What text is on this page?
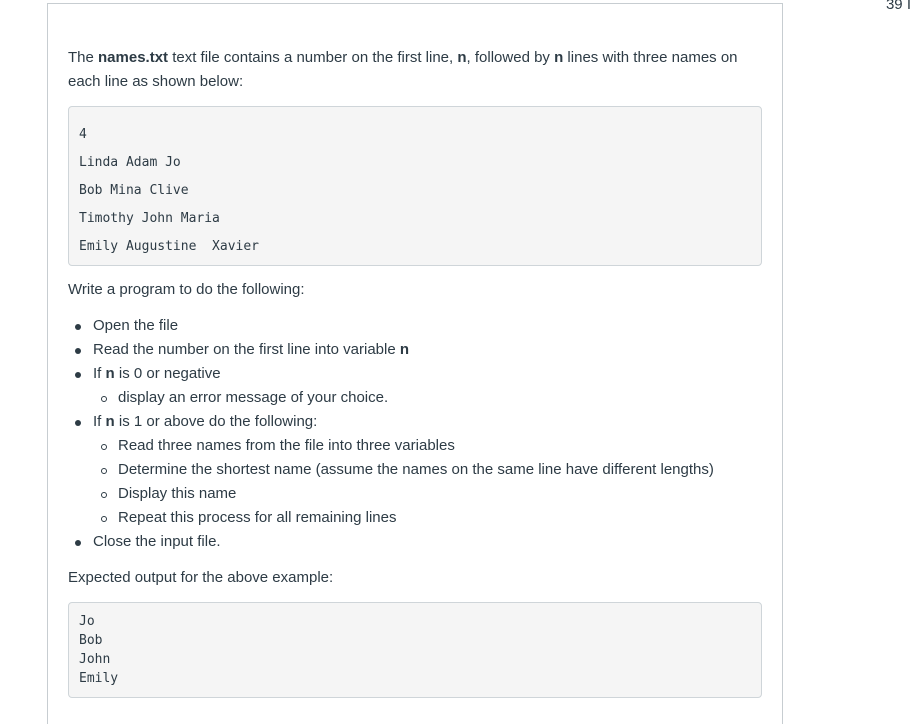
39 I

The names.txt text file contains a number on the first line, n, followed by n lines with three names on each line as shown below:

4
Linda Adam Jo
Bob Mina Clive
Timothy John Maria
Emily Augustine  Xavier

Write a program to do the following:

Open the file
Read the number on the first line into variable n
If n is 0 or negative
display an error message of your choice.
If n is 1 or above do the following:
Read three names from the file into three variables
Determine the shortest name (assume the names on the same line have different lengths)
Display this name
Repeat this process for all remaining lines
Close the input file.

Expected output for the above example:

Jo
Bob
John
Emily
